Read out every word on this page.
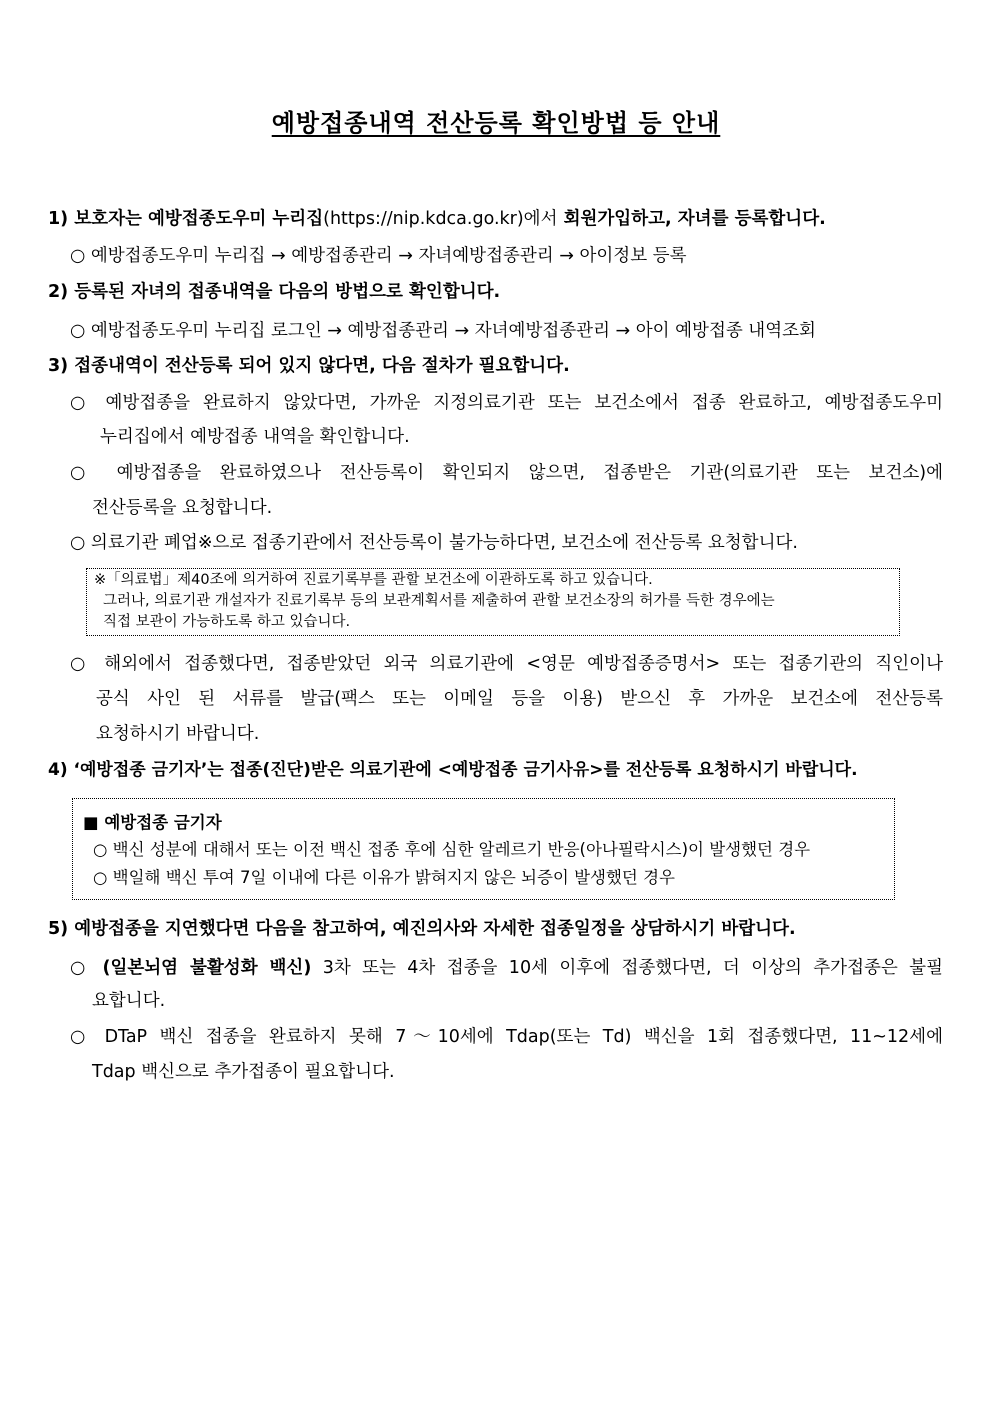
예방접종내역 전산등록 확인방법 등 안내
1) 보호자는 예방접종도우미 누리집(https://nip.kdca.go.kr)에서 회원가입하고, 자녀를 등록합니다.
○ 예방접종도우미 누리집 → 예방접종관리 → 자녀예방접종관리 → 아이정보 등록
2) 등록된 자녀의 접종내역을 다음의 방법으로 확인합니다.
○ 예방접종도우미 누리집 로그인 → 예방접종관리 → 자녀예방접종관리 → 아이 예방접종 내역조회
3) 접종내역이 전산등록 되어 있지 않다면, 다음 절차가 필요합니다.
○ 예방접종을 완료하지 않았다면, 가까운 지정의료기관 또는 보건소에서 접종 완료하고, 예방접종도우미
누리집에서 예방접종 내역을 확인합니다.
○ 예방접종을 완료하였으나 전산등록이 확인되지 않으면, 접종받은 기관(의료기관 또는 보건소)에
전산등록을 요청합니다.
○ 의료기관 폐업※으로 접종기관에서 전산등록이 불가능하다면, 보건소에 전산등록 요청합니다.
※「의료법」제40조에 의거하여 진료기록부를 관할 보건소에 이관하도록 하고 있습니다.
그러나, 의료기관 개설자가 진료기록부 등의 보관계획서를 제출하여 관할 보건소장의 허가를 득한 경우에는
직접 보관이 가능하도록 하고 있습니다.
○ 해외에서 접종했다면, 접종받았던 외국 의료기관에 <영문 예방접종증명서> 또는 접종기관의 직인이나
공식 사인 된 서류를 발급(팩스 또는 이메일 등을 이용) 받으신 후 가까운 보건소에 전산등록
요청하시기 바랍니다.
4) ‘예방접종 금기자’는 접종(진단)받은 의료기관에 <예방접종 금기사유>를 전산등록 요청하시기 바랍니다.
■ 예방접종 금기자
○ 백신 성분에 대해서 또는 이전 백신 접종 후에 심한 알레르기 반응(아나필락시스)이 발생했던 경우
○ 백일해 백신 투여 7일 이내에 다른 이유가 밝혀지지 않은 뇌증이 발생했던 경우
5) 예방접종을 지연했다면 다음을 참고하여, 예진의사와 자세한 접종일정을 상담하시기 바랍니다.
○ (일본뇌염 불활성화 백신) 3차 또는 4차 접종을 10세 이후에 접종했다면, 더 이상의 추가접종은 불필
요합니다.
○ DTaP 백신 접종을 완료하지 못해 7～10세에 Tdap(또는 Td) 백신을 1회 접종했다면, 11~12세에
Tdap 백신으로 추가접종이 필요합니다.
